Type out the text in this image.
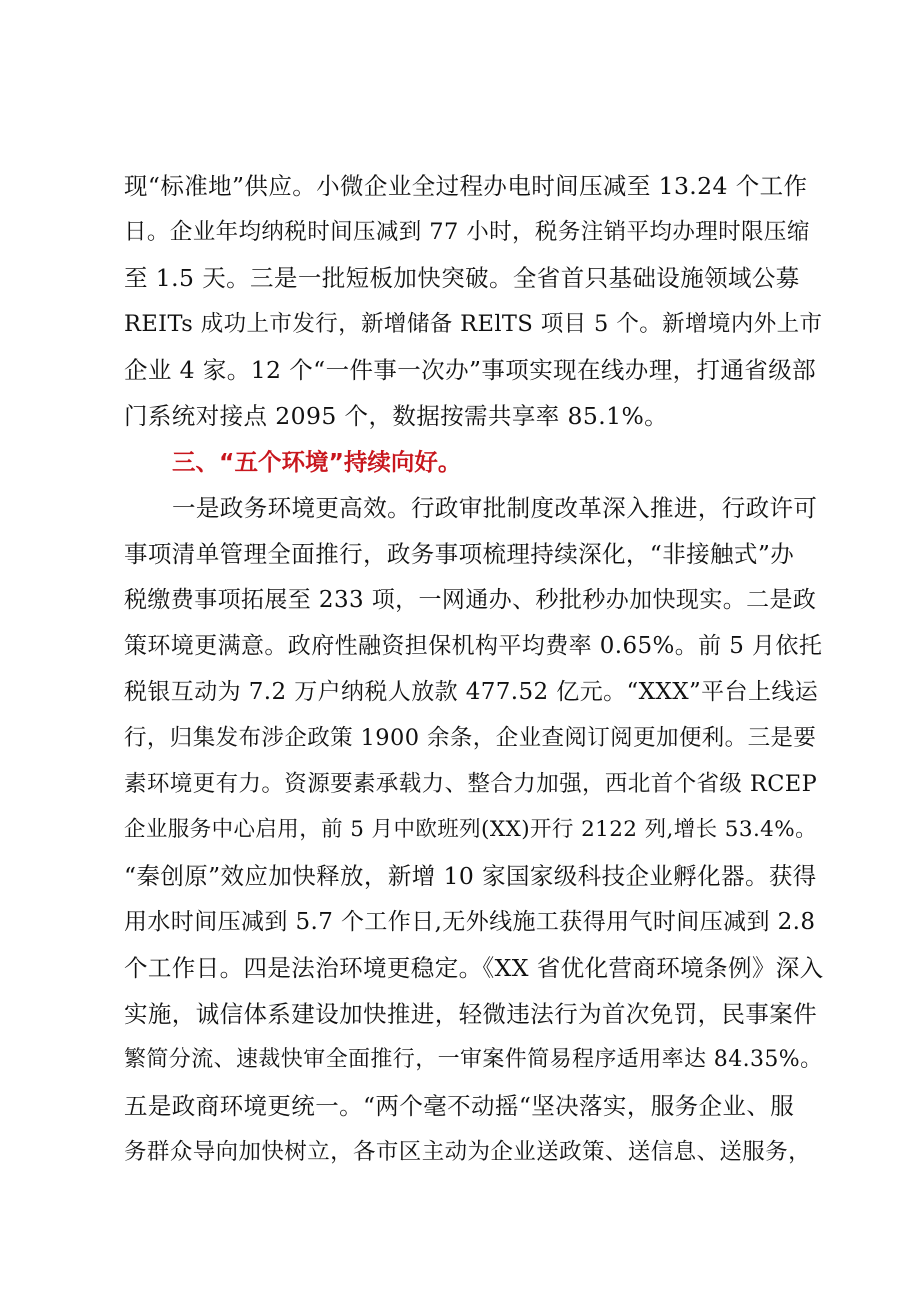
现“标准地”供应。小微企业全过程办电时间压减至 13.24 个工作
日。企业年均纳税时间压减到 77 小时，税务注销平均办理时限压缩
至 1.5 天。三是一批短板加快突破。全省首只基础设施领域公募
REITs 成功上市发行，新增储备 RElTS 项目 5 个。新增境内外上市
企业 4 家。12 个“一件事一次办”事项实现在线办理，打通省级部
门系统对接点 2095 个，数据按需共享率 85.1%。
三、“五个环境”持续向好。
一是政务环境更高效。行政审批制度改革深入推进，行政许可
事项清单管理全面推行，政务事项梳理持续深化，“非接触式”办
税缴费事项拓展至 233 项，一网通办、秒批秒办加快现实。二是政
策环境更满意。政府性融资担保机构平均费率 0.65%。前 5 月依托
税银互动为 7.2 万户纳税人放款 477.52 亿元。“XXX”平台上线运
行，归集发布涉企政策 1900 余条，企业查阅订阅更加便利。三是要
素环境更有力。资源要素承载力、整合力加强，西北首个省级 RCEP
企业服务中心启用，前 5 月中欧班列(XX)开行 2122 列,增长 53.4%。
“秦创原”效应加快释放，新增 10 家国家级科技企业孵化器。获得
用水时间压减到 5.7 个工作日,无外线施工获得用气时间压减到 2.8
个工作日。四是法治环境更稳定。《XX 省优化营商环境条例》深入
实施，诚信体系建设加快推进，轻微违法行为首次免罚，民事案件
繁简分流、速裁快审全面推行，一审案件简易程序适用率达 84.35%。
五是政商环境更统一。“两个毫不动摇“坚决落实，服务企业、服
务群众导向加快树立，各市区主动为企业送政策、送信息、送服务，
